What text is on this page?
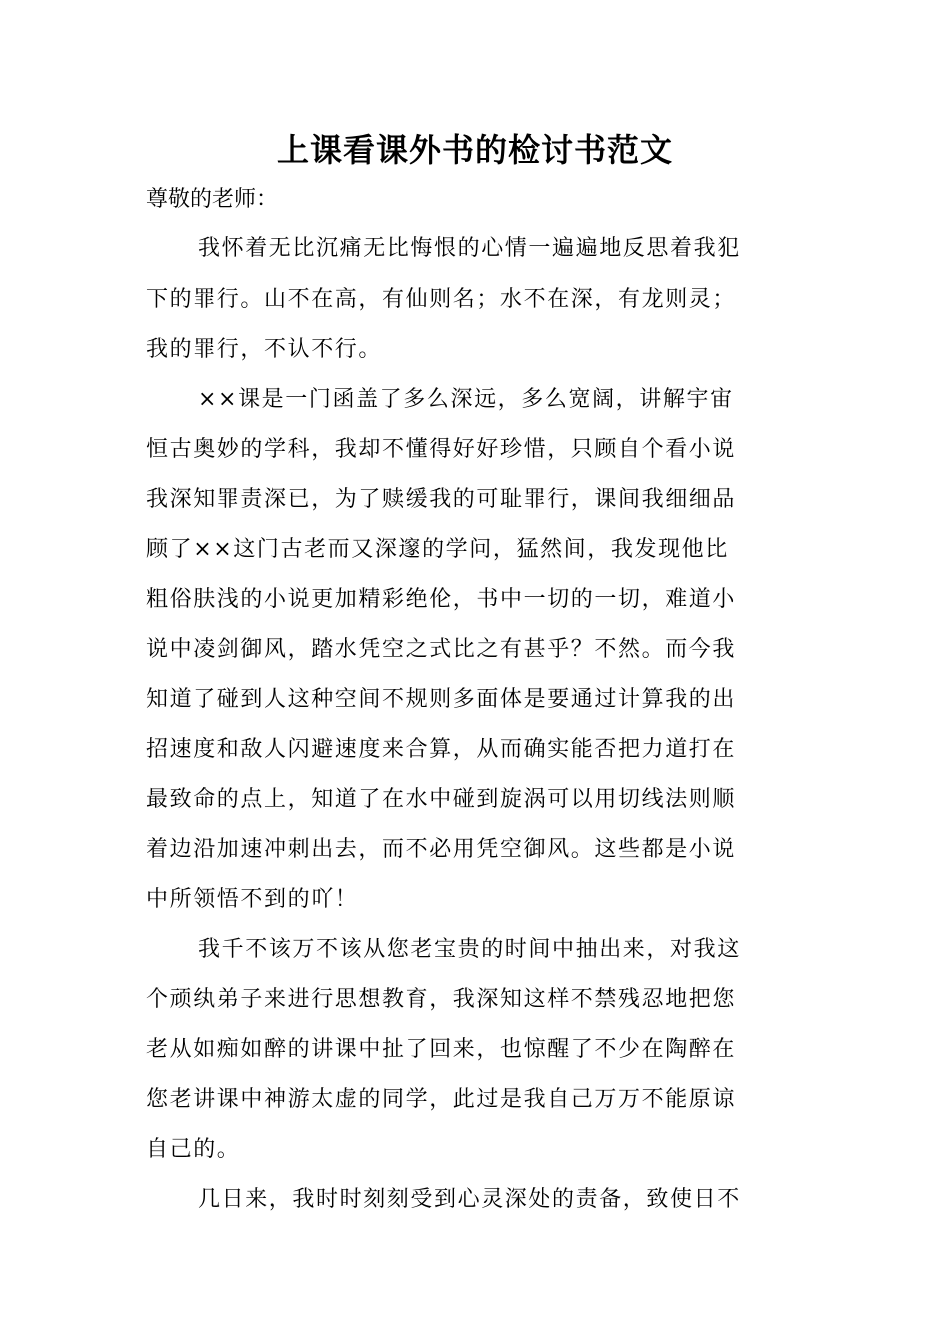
上课看课外书的检讨书范文
尊敬的老师：
我怀着无比沉痛无比悔恨的心情一遍遍地反思着我犯
下的罪行。山不在高，有仙则名；水不在深，有龙则灵；
我的罪行，不认不行。
××课是一门函盖了多么深远，多么宽阔，讲解宇宙
恒古奥妙的学科，我却不懂得好好珍惜，只顾自个看小说
我深知罪责深已，为了赎缓我的可耻罪行，课间我细细品
顾了××这门古老而又深邃的学问，猛然间，我发现他比
粗俗肤浅的小说更加精彩绝伦，书中一切的一切，难道小
说中凌剑御风，踏水凭空之式比之有甚乎？不然。而今我
知道了碰到人这种空间不规则多面体是要通过计算我的出
招速度和敌人闪避速度来合算，从而确实能否把力道打在
最致命的点上，知道了在水中碰到旋涡可以用切线法则顺
着边沿加速冲刺出去，而不必用凭空御风。这些都是小说
中所领悟不到的吖！
我千不该万不该从您老宝贵的时间中抽出来，对我这
个顽纨弟子来进行思想教育，我深知这样不禁残忍地把您
老从如痴如醉的讲课中扯了回来，也惊醒了不少在陶醉在
您老讲课中神游太虚的同学，此过是我自己万万不能原谅
自己的。
几日来，我时时刻刻受到心灵深处的责备，致使日不
